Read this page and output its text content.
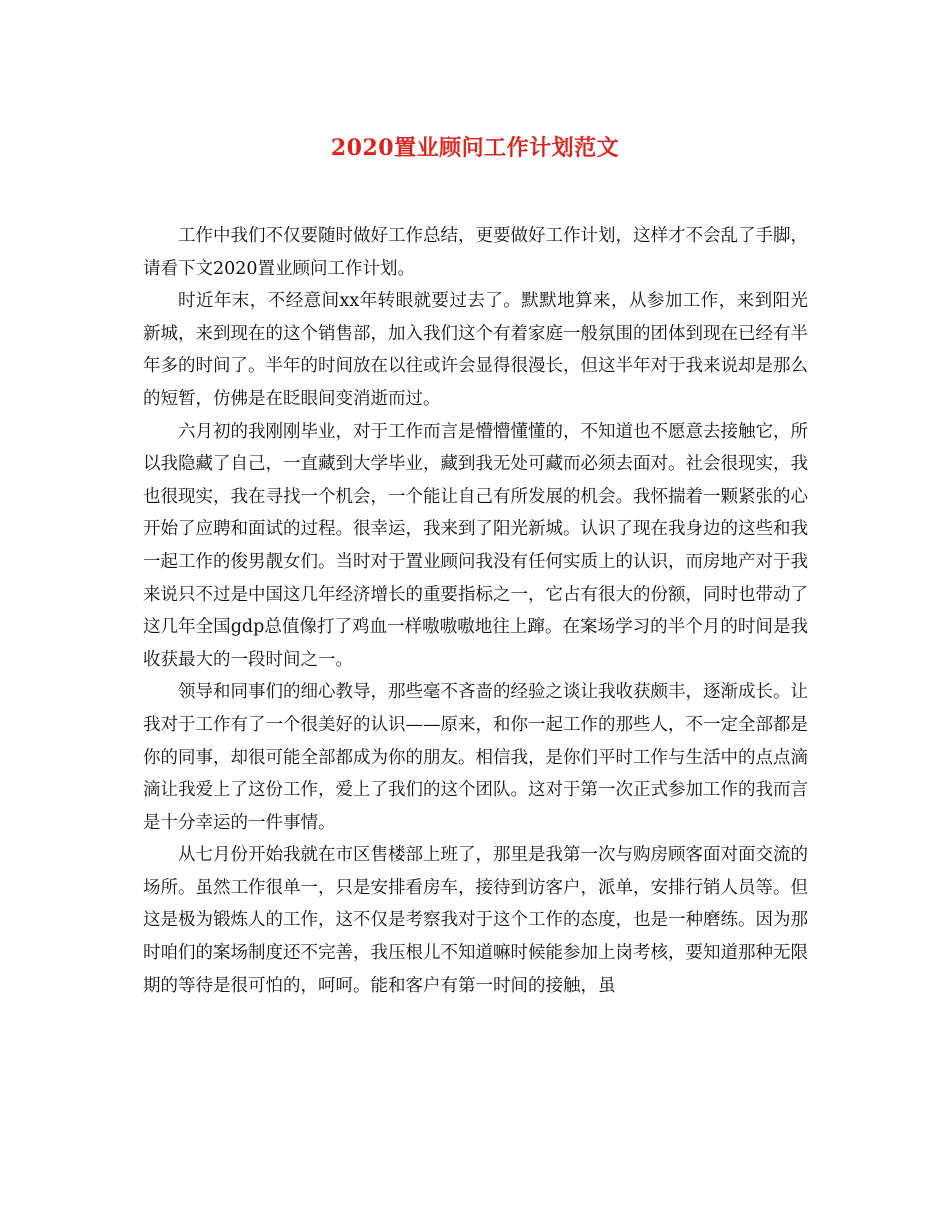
2020置业顾问工作计划范文

工作中我们不仅要随时做好工作总结，更要做好工作计划，这样才不会乱了手脚，请看下文2020置业顾问工作计划。

时近年末，不经意间xx年转眼就要过去了。默默地算来，从参加工作，来到阳光新城，来到现在的这个销售部，加入我们这个有着家庭一般氛围的团体到现在已经有半年多的时间了。半年的时间放在以往或许会显得很漫长，但这半年对于我来说却是那么的短暂，仿佛是在眨眼间变消逝而过。

六月初的我刚刚毕业，对于工作而言是懵懵懂懂的，不知道也不愿意去接触它，所以我隐藏了自己，一直藏到大学毕业，藏到我无处可藏而必须去面对。社会很现实，我也很现实，我在寻找一个机会，一个能让自己有所发展的机会。我怀揣着一颗紧张的心开始了应聘和面试的过程。很幸运，我来到了阳光新城。认识了现在我身边的这些和我一起工作的俊男靓女们。当时对于置业顾问我没有任何实质上的认识，而房地产对于我来说只不过是中国这几年经济增长的重要指标之一，它占有很大的份额，同时也带动了这几年全国gdp总值像打了鸡血一样嗷嗷嗷地往上蹿。在案场学习的半个月的时间是我收获最大的一段时间之一。

领导和同事们的细心教导，那些毫不吝啬的经验之谈让我收获颇丰，逐渐成长。让我对于工作有了一个很美好的认识——原来，和你一起工作的那些人，不一定全部都是你的同事，却很可能全部都成为你的朋友。相信我，是你们平时工作与生活中的点点滴滴让我爱上了这份工作，爱上了我们的这个团队。这对于第一次正式参加工作的我而言是十分幸运的一件事情。

从七月份开始我就在市区售楼部上班了，那里是我第一次与购房顾客面对面交流的场所。虽然工作很单一，只是安排看房车，接待到访客户，派单，安排行销人员等。但这是极为锻炼人的工作，这不仅是考察我对于这个工作的态度，也是一种磨练。因为那时咱们的案场制度还不完善，我压根儿不知道嘛时候能参加上岗考核，要知道那种无限期的等待是很可怕的，呵呵。能和客户有第一时间的接触，虽
